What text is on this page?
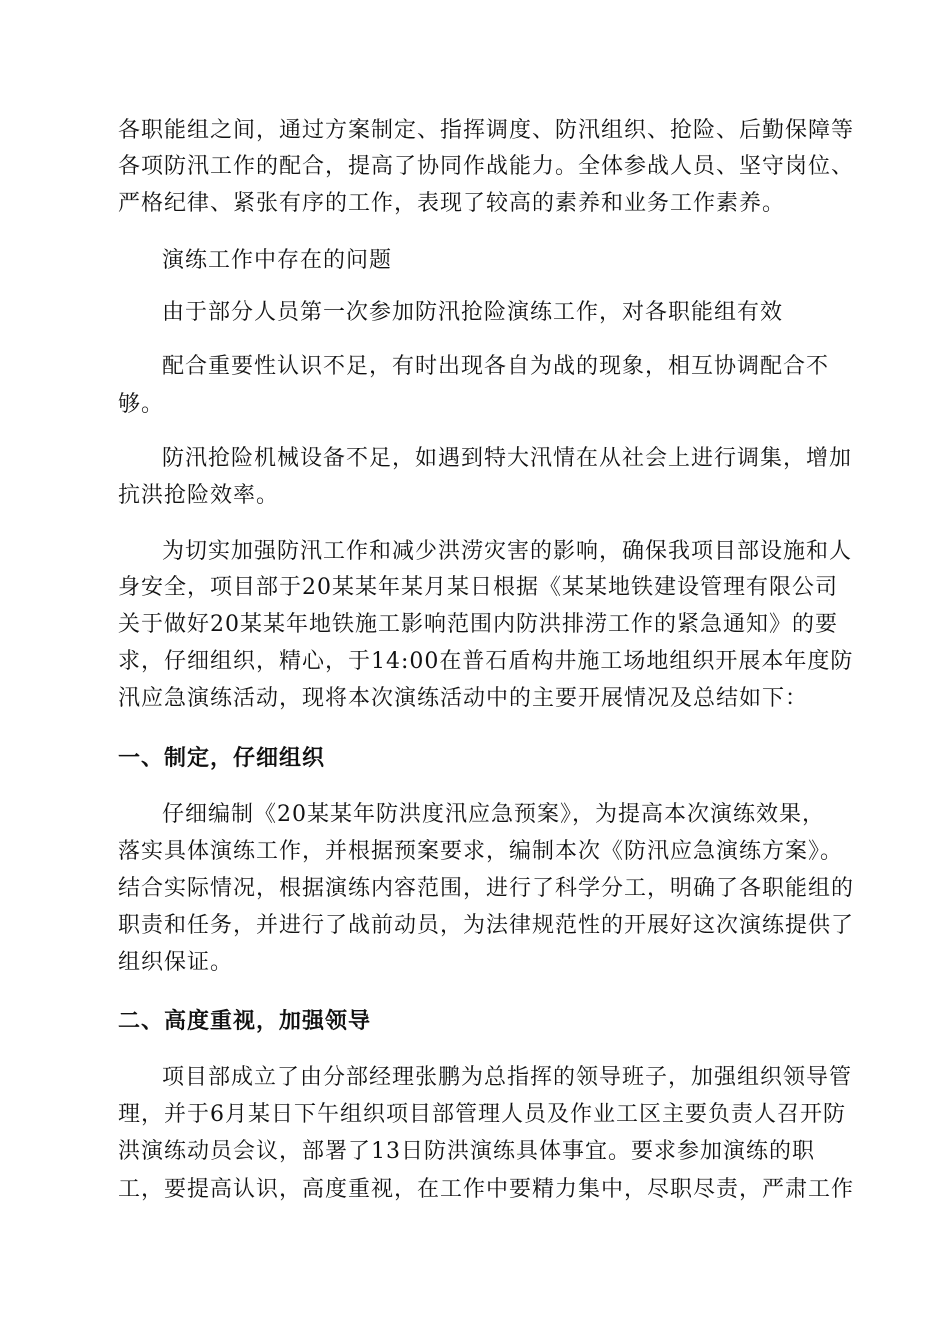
各职能组之间，通过方案制定、指挥调度、防汛组织、抢险、后勤保障等
各项防汛工作的配合，提高了协同作战能力。全体参战人员、坚守岗位、
严格纪律、紧张有序的工作，表现了较高的素养和业务工作素养。
演练工作中存在的问题
由于部分人员第一次参加防汛抢险演练工作，对各职能组有效
配合重要性认识不足，有时出现各自为战的现象，相互协调配合不
够。
防汛抢险机械设备不足，如遇到特大汛情在从社会上进行调集，增加
抗洪抢险效率。
为切实加强防汛工作和减少洪涝灾害的影响，确保我项目部设施和人
身安全，项目部于20某某年某月某日根据《某某地铁建设管理有限公司
关于做好20某某年地铁施工影响范围内防洪排涝工作的紧急通知》的要
求，仔细组织，精心，于14:00在普石盾构井施工场地组织开展本年度防
汛应急演练活动，现将本次演练活动中的主要开展情况及总结如下：
一、制定，仔细组织
仔细编制《20某某年防洪度汛应急预案》，为提高本次演练效果，
落实具体演练工作，并根据预案要求，编制本次《防汛应急演练方案》。
结合实际情况，根据演练内容范围，进行了科学分工，明确了各职能组的
职责和任务，并进行了战前动员，为法律规范性的开展好这次演练提供了
组织保证。
二、高度重视，加强领导
项目部成立了由分部经理张鹏为总指挥的领导班子，加强组织领导管
理，并于6月某日下午组织项目部管理人员及作业工区主要负责人召开防
洪演练动员会议，部署了13日防洪演练具体事宜。要求参加演练的职
工，要提高认识，高度重视，在工作中要精力集中，尽职尽责，严肃工作
